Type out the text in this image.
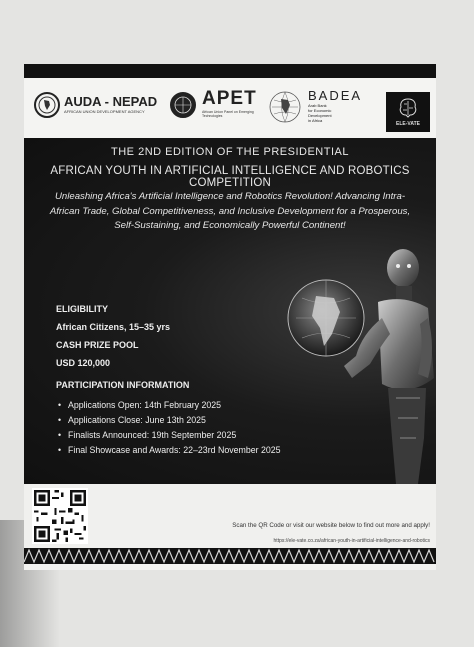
AUDA - NEPAD
AFRICAN UNION DEVELOPMENT AGENCY
APET
African Union Panel on Emerging Technologies
BADEA
Arab Bank
for Economic
Development
in Africa
ELE-VATE
THE 2ND EDITION OF THE PRESIDENTIAL
AFRICAN YOUTH IN ARTIFICIAL INTELLIGENCE AND ROBOTICS COMPETITION
Unleashing Africa's Artificial Intelligence and Robotics Revolution! Advancing Intra-African Trade, Global Competitiveness, and Inclusive Development for a Prosperous, Self-Sustaining, and Economically Powerful Continent!
ELIGIBILITY
African Citizens, 15–35 yrs
CASH PRIZE POOL
USD 120,000
PARTICIPATION INFORMATION
• Applications Open: 14th February 2025
• Applications Close: June 13th 2025
• Finalists Announced: 19th September 2025
• Final Showcase and Awards: 22–23rd November 2025
Scan the QR Code or visit our website below to find out more and apply!
https://ele-vate.co.za/african-youth-in-artificial-intelligence-and-robotics
